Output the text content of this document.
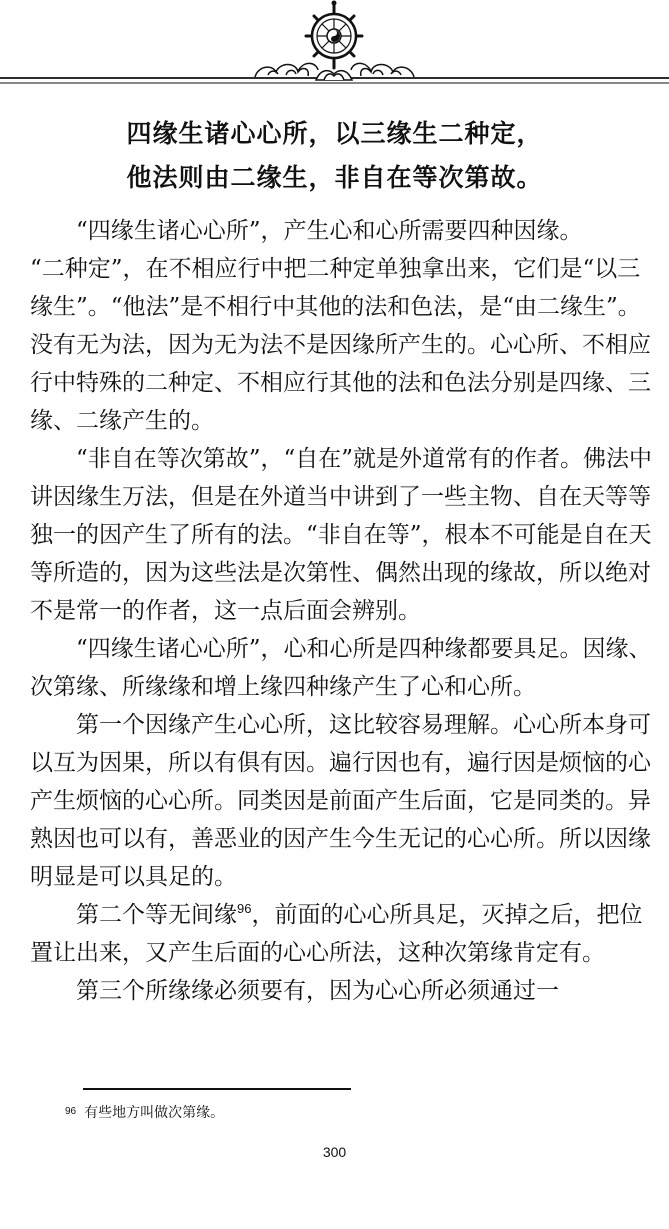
四缘生诸心心所，以三缘生二种定，
他法则由二缘生，非自在等次第故。

“四缘生诸心心所”，产生心和心所需要四种因缘。

“二种定”，在不相应行中把二种定单独拿出来，它们是“以三缘生”。“他法”是不相行中其他的法和色法，是“由二缘生”。没有无为法，因为无为法不是因缘所产生的。心心所、不相应行中特殊的二种定、不相应行其他的法和色法分别是四缘、三缘、二缘产生的。

“非自在等次第故”，“自在”就是外道常有的作者。佛法中讲因缘生万法，但是在外道当中讲到了一些主物、自在天等等独一的因产生了所有的法。“非自在等”，根本不可能是自在天等所造的，因为这些法是次第性、偶然出现的缘故，所以绝对不是常一的作者，这一点后面会辨别。

“四缘生诸心心所”，心和心所是四种缘都要具足。因缘、次第缘、所缘缘和增上缘四种缘产生了心和心所。

第一个因缘产生心心所，这比较容易理解。心心所本身可以互为因果，所以有俱有因。遍行因也有，遍行因是烦恼的心产生烦恼的心心所。同类因是前面产生后面，它是同类的。异熟因也可以有，善恶业的因产生今生无记的心心所。所以因缘明显是可以具足的。

第二个等无间缘$^{96}$，前面的心心所具足，灭掉之后，把位置让出来，又产生后面的心心所法，这种次第缘肯定有。

第三个所缘缘必须要有，因为心心所必须通过一

$^{96}$ 有些地方叫做次第缘。
300
